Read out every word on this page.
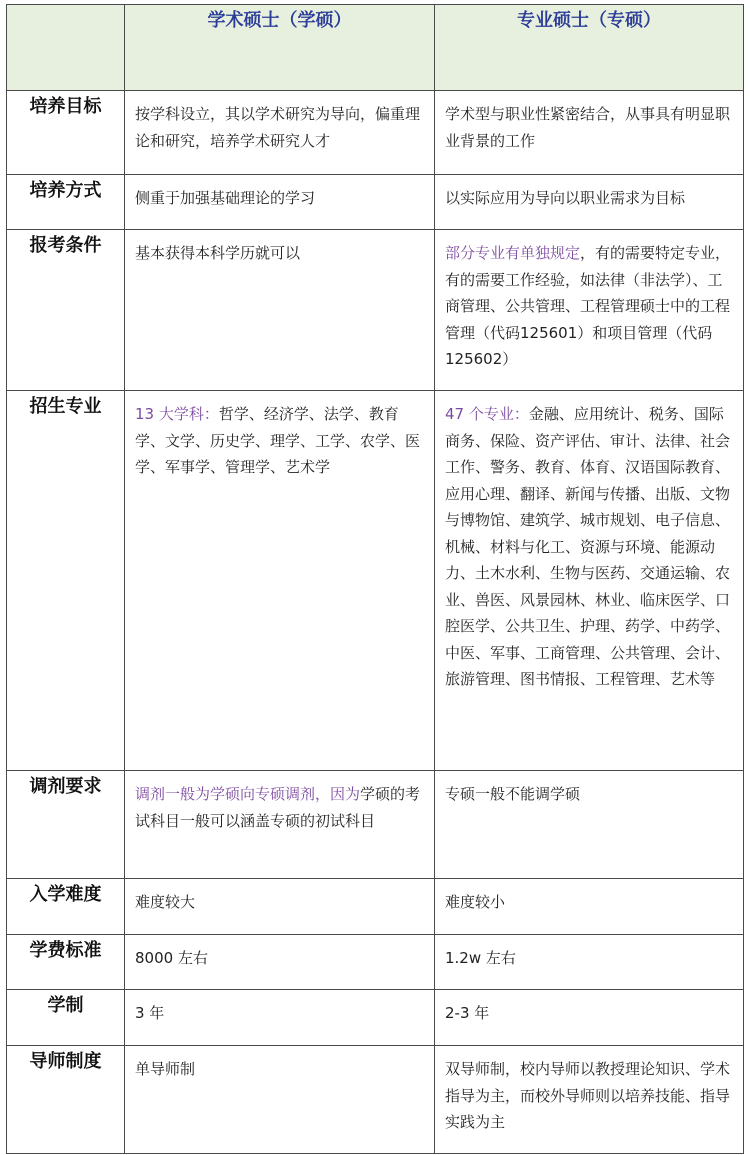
	学术硕士（学硕）	专业硕士（专硕）
培养目标	按学科设立，其以学术研究为导向，偏重理论和研究，培养学术研究人才	学术型与职业性紧密结合，从事具有明显职业背景的工作
培养方式	侧重于加强基础理论的学习	以实际应用为导向以职业需求为目标
报考条件	基本获得本科学历就可以	部分专业有单独规定，有的需要特定专业，有的需要工作经验，如法律（非法学）、工商管理、公共管理、工程管理硕士中的工程管理（代码125601）和项目管理（代码 125602）
招生专业	13 大学科：哲学、经济学、法学、教育学、文学、历史学、理学、工学、农学、医学、军事学、管理学、艺术学	47 个专业：金融、应用统计、税务、国际商务、保险、资产评估、审计、法律、社会工作、警务、教育、体育、汉语国际教育、应用心理、翻译、新闻与传播、出版、文物与博物馆、建筑学、城市规划、电子信息、机械、材料与化工、资源与环境、能源动力、土木水利、生物与医药、交通运输、农业、兽医、风景园林、林业、临床医学、口腔医学、公共卫生、护理、药学、中药学、中医、军事、工商管理、公共管理、会计、旅游管理、图书情报、工程管理、艺术等
调剂要求	调剂一般为学硕向专硕调剂，因为学硕的考试科目一般可以涵盖专硕的初试科目	专硕一般不能调学硕
入学难度	难度较大	难度较小
学费标准	8000 左右	1.2w 左右
学制	3 年	2-3 年
导师制度	单导师制	双导师制，校内导师以教授理论知识、学术指导为主，而校外导师则以培养技能、指导实践为主
